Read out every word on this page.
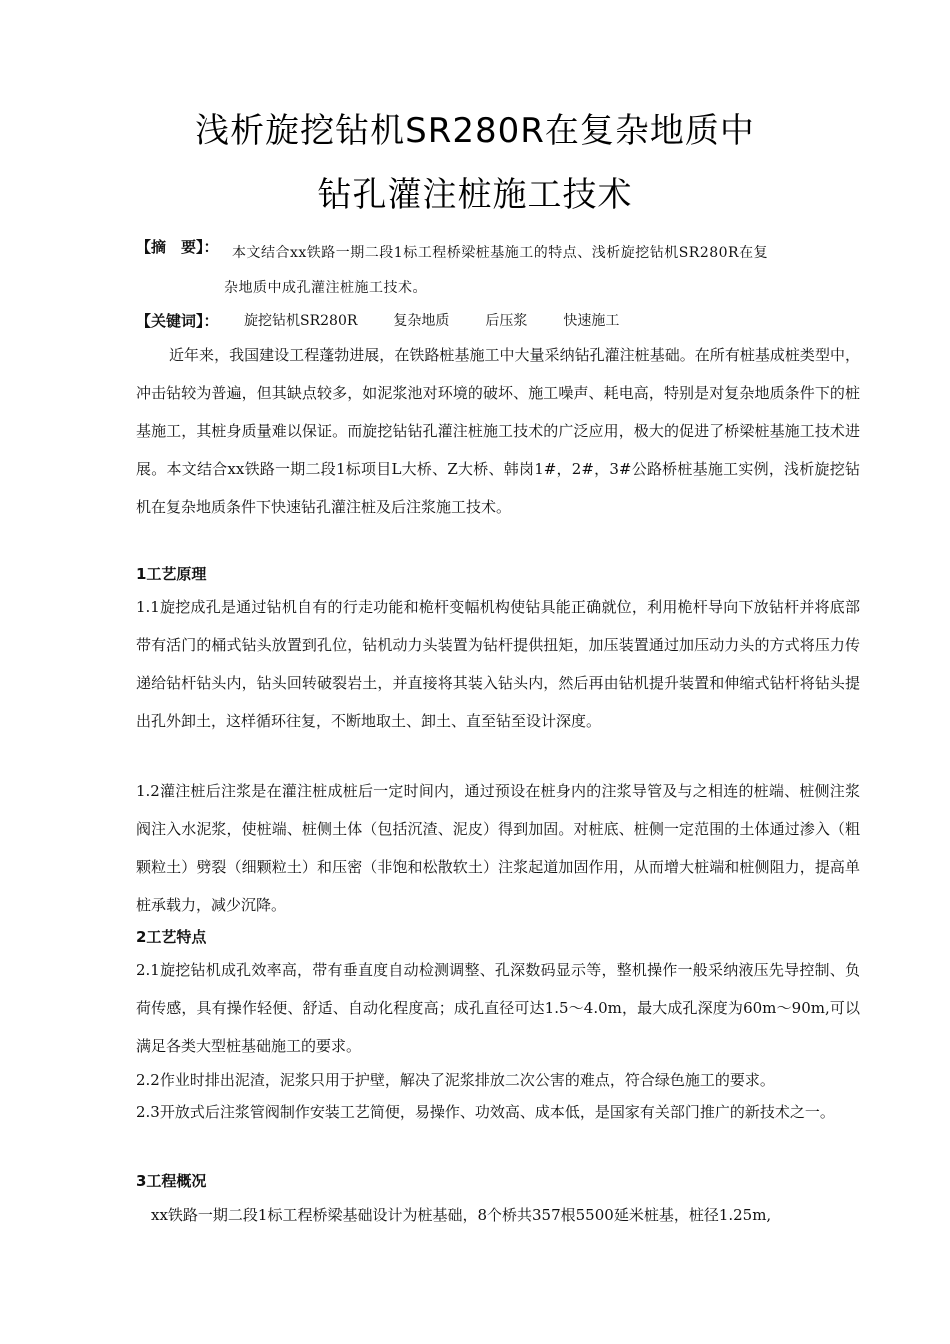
浅析旋挖钻机SR280R在复杂地质中
钻孔灌注桩施工技术
【摘　要】： 本文结合xx铁路一期二段1标工程桥梁桩基施工的特点、浅析旋挖钻机SR280R在复
杂地质中成孔灌注桩施工技术。
【关键词】： 旋挖钻机SR280R	复杂地质	后压浆	快速施工
近年来，我国建设工程蓬勃进展，在铁路桩基施工中大量采纳钻孔灌注桩基础。在所有桩基成桩类型中，冲击钻较为普遍，但其缺点较多，如泥浆池对环境的破坏、施工噪声、耗电高，特别是对复杂地质条件下的桩基施工，其桩身质量难以保证。而旋挖钻钻孔灌注桩施工技术的广泛应用，极大的促进了桥梁桩基施工技术进展。本文结合xx铁路一期二段1标项目L大桥、Z大桥、韩岗1#，2#，3#公路桥桩基施工实例，浅析旋挖钻机在复杂地质条件下快速钻孔灌注桩及后注浆施工技术。
1工艺原理
1.1旋挖成孔是通过钻机自有的行走功能和桅杆变幅机构使钻具能正确就位，利用桅杆导向下放钻杆并将底部带有活门的桶式钻头放置到孔位，钻机动力头装置为钻杆提供扭矩，加压装置通过加压动力头的方式将压力传递给钻杆钻头内，钻头回转破裂岩土，并直接将其装入钻头内，然后再由钻机提升装置和伸缩式钻杆将钻头提出孔外卸土，这样循环往复，不断地取土、卸土、直至钻至设计深度。
1.2灌注桩后注浆是在灌注桩成桩后一定时间内，通过预设在桩身内的注浆导管及与之相连的桩端、桩侧注浆阀注入水泥浆，使桩端、桩侧土体（包括沉渣、泥皮）得到加固。对桩底、桩侧一定范围的土体通过渗入（粗颗粒土）劈裂（细颗粒土）和压密（非饱和松散软土）注浆起道加固作用，从而增大桩端和桩侧阻力，提高单桩承载力，减少沉降。
2工艺特点
2.1旋挖钻机成孔效率高，带有垂直度自动检测调整、孔深数码显示等，整机操作一般采纳液压先导控制、负荷传感，具有操作轻便、舒适、自动化程度高；成孔直径可达1.5～4.0m，最大成孔深度为60m～90m,可以满足各类大型桩基础施工的要求。
2.2作业时排出泥渣，泥浆只用于护壁，解决了泥浆排放二次公害的难点，符合绿色施工的要求。
2.3开放式后注浆管阀制作安装工艺简便，易操作、功效高、成本低，是国家有关部门推广的新技术之一。
3工程概况
xx铁路一期二段1标工程桥梁基础设计为桩基础，8个桥共357根5500延米桩基，桩径1.25m,
